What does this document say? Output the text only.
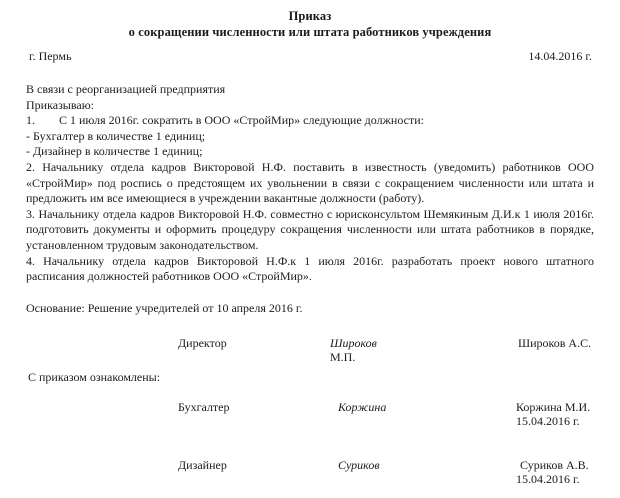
Приказ
о сокращении численности или штата работников учреждения
г. Пермь	14.04.2016 г.

В связи с реорганизацией предприятия

Приказываю:

1.   С 1 июля 2016г. сократить в ООО «СтройМир» следующие должности:
- Бухгалтер в количестве 1 единиц;
- Дизайнер в количестве 1 единиц;

2. Начальнику отдела кадров Викторовой Н.Ф. поставить в известность (уведомить) работников ООО «СтройМир» под роспись о предстоящем их увольнении в связи с сокращением численности или штата и предложить им все имеющиеся в учреждении вакантные должности (работу).

3. Начальнику отдела кадров Викторовой Н.Ф. совместно с юрисконсультом Шемякиным Д.И.к 1 июля 2016г. подготовить документы и оформить процедуру сокращения численности или штата работников в порядке, установленном трудовым законодательством.

4. Начальнику отдела кадров Викторовой Н.Ф.к 1 июля 2016г. разработать проект нового штатного расписания должностей работников ООО «СтройМир».

Основание: Решение учредителей от 10 апреля 2016 г.
Директор	Широков	Широков А.С.
М.П.
С приказом ознакомлены:
Бухгалтер	Коржина	Коржина М.И.
15.04.2016 г.
Дизайнер	Суриков	Суриков А.В.
15.04.2016 г.
